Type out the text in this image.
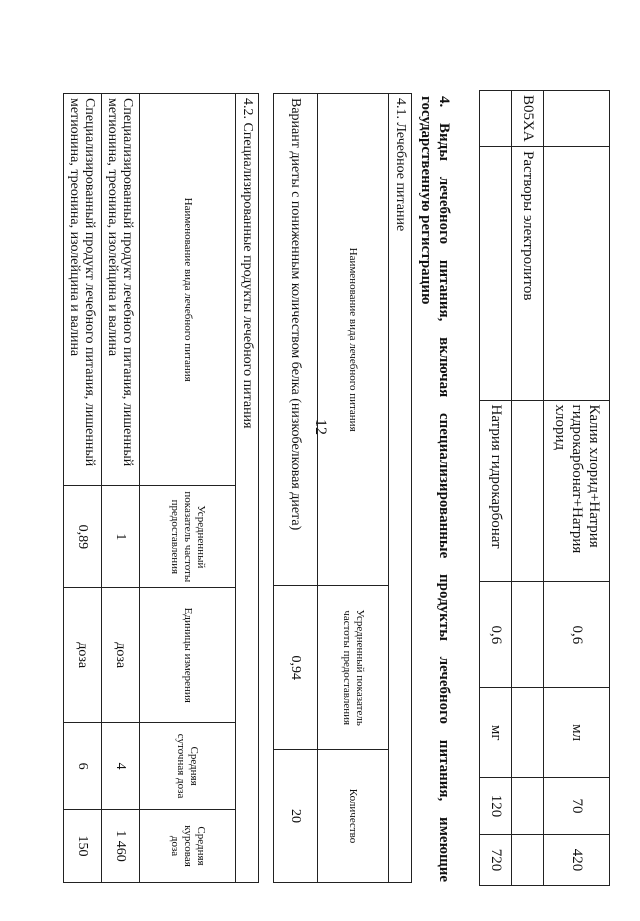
12
			Калия хлорид+Натрия гидрокарбонат+Натрия хлорид	0,6	мл	70	420
B05XA	Растворы электролитов					
		Натрия гидрокарбонат	0,6	мг	120	720
4. Виды лечебного питания, включая специализированные продукты лечебного питания, имеющие государственную регистрацию
4.1. Лечебное питание		
Наименование вида лечебного питания	Усредненный показатель частоты предоставления	Количество
Вариант диеты с пониженным количеством белка (низкобелковая диета)	0,94	20
4.2. Специализированные продукты лечебного питания				
Наименование вида лечебного питания	Усредненный показатель частоты предоставления	Единицы измерения	Средняя суточная доза	Средняя курсовая доза
Специализированный продукт лечебного питания, лишенный метионина, треонина, изолейцина и валина	1	доза	4	1 460
Специализированный продукт лечебного питания, лишенный метионина, треонина, изолейцина и валина	0,89	доза	6	150
